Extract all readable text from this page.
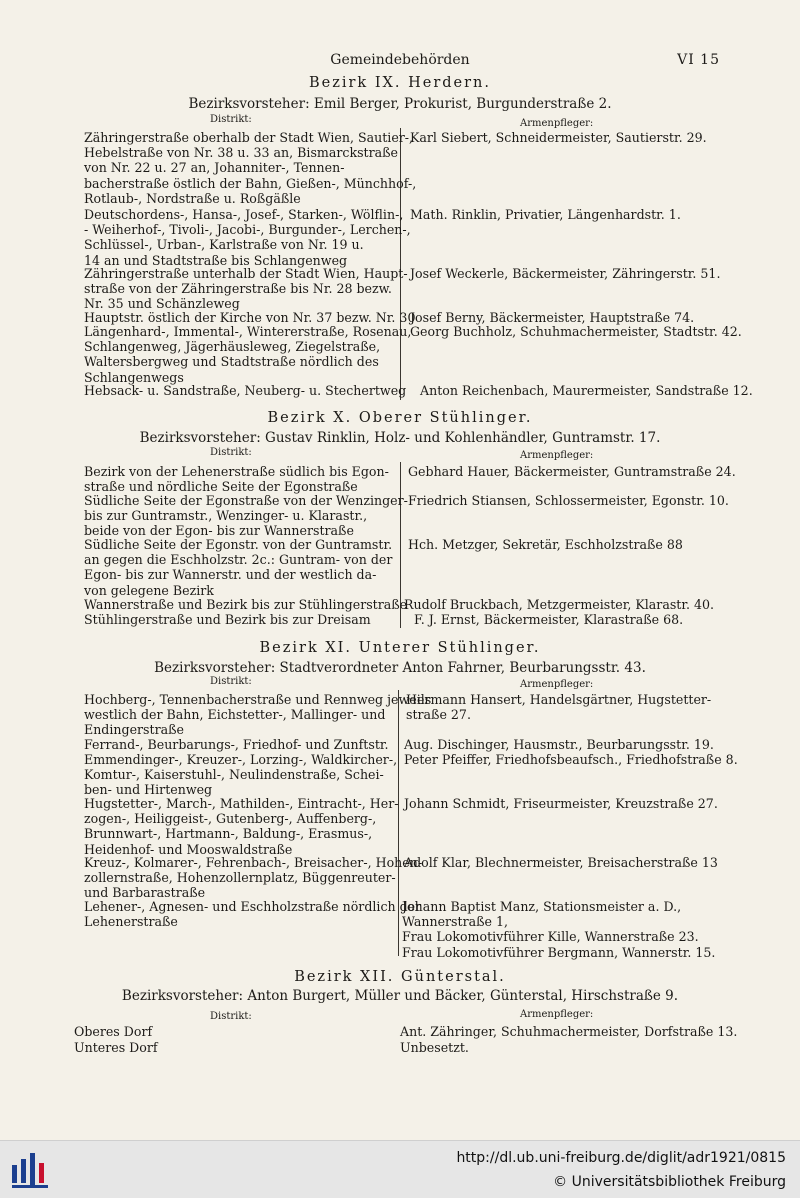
Gemeindebehörden	VI 15
Bezirk IX. Herdern.
Bezirksvorsteher: Emil Berger, Prokurist, Burgunderstraße 2.
Distrikt:	Armenpfleger:
Zähringerstraße oberhalb der Stadt Wien, Sautier-,
Hebelstraße von Nr. 38 u. 33 an, Bismarckstraße
von Nr. 22 u. 27 an, Johanniter-, Tennen-
bacherstraße östlich der Bahn, Gießen-, Münchhof-,
Rotlaub-, Nordstraße u. Roßgäßle
Karl Siebert, Schneidermeister, Sautierstr. 29.
Deutschordens-, Hansa-, Josef-, Starken-, Wölflin-,
- Weiherhof-, Tivoli-, Jacobi-, Burgunder-, Lerchen-,
Schlüssel-, Urban-, Karlstraße von Nr. 19 u.
14 an und Stadtstraße bis Schlangenweg
Math. Rinklin, Privatier, Längenhardstr. 1.
Zähringerstraße unterhalb der Stadt Wien, Haupt-
straße von der Zähringerstraße bis Nr. 28 bezw.
Nr. 35 und Schänzleweg
Josef Weckerle, Bäckermeister, Zähringerstr. 51.
Hauptstr. östlich der Kirche von Nr. 37 bezw. Nr. 30
Josef Berny, Bäckermeister, Hauptstraße 74.
Längenhard-, Immental-, Wintererstraße, Rosenau,
Schlangenweg, Jägerhäusleweg, Ziegelstraße,
Waltersbergweg und Stadtstraße nördlich des
Schlangenwegs
Georg Buchholz, Schuhmachermeister, Stadtstr. 42.
Hebsack- u. Sandstraße, Neuberg- u. Stechertweg Anton Reichenbach, Maurermeister, Sandstraße 12.
Bezirk X. Oberer Stühlinger.
Bezirksvorsteher: Gustav Rinklin, Holz- und Kohlenhändler, Guntramstr. 17.
Distrikt:	Armenpfleger:
Bezirk von der Lehenerstraße südlich bis Egon-
straße und nördliche Seite der Egonstraße
Gebhard Hauer, Bäckermeister, Guntramstraße 24.
Südliche Seite der Egonstraße von der Wenzinger-
bis zur Guntramstr., Wenzinger- u. Klarastr.,
beide von der Egon- bis zur Wannerstraße
Friedrich Stiansen, Schlossermeister, Egonstr. 10.
Südliche Seite der Egonstr. von der Guntramstr.
an gegen die Eschholzstr. 2c.: Guntram- von der
Egon- bis zur Wannerstr. und der westlich da-
von gelegene Bezirk
Hch. Metzger, Sekretär, Eschholzstraße 88
Wannerstraße und Bezirk bis zur Stühlingerstraße
Rudolf Bruckbach, Metzgermeister, Klarastr. 40.
Stühlingerstraße und Bezirk bis zur Dreisam	F. J. Ernst, Bäckermeister, Klarastraße 68.
Bezirk XI. Unterer Stühlinger.
Bezirksvorsteher: Stadtverordneter Anton Fahrner, Beurbarungsstr. 43.
Distrikt:	Armenpfleger:
Hochberg-, Tennenbacherstraße und Rennweg jeweils
westlich der Bahn, Eichstetter-, Mallinger- und
Endingerstraße
Hermann Hansert, Handelsgärtner, Hugstetter-
straße 27.
Ferrand-, Beurbarungs-, Friedhof- und Zunftstr. Aug. Dischinger, Hausmstr., Beurbarungsstr. 19.
Emmendinger-, Kreuzer-, Lorzing-, Waldkircher-,
Komtur-, Kaiserstuhl-, Neulindenstraße, Schei-
ben- und Hirtenweg
Peter Pfeiffer, Friedhofsbeaufsch., Friedhofstraße 8.
Hugstetter-, March-, Mathilden-, Eintracht-, Her-
zogen-, Heiliggeist-, Gutenberg-, Auffenberg-,
Brunnwart-, Hartmann-, Baldung-, Erasmus-,
Heidenhof- und Mooswaldstraße
Johann Schmidt, Friseurmeister, Kreuzstraße 27.
Kreuz-, Kolmarer-, Fehrenbach-, Breisacher-, Hohen-
zollernstraße, Hohenzollernplatz, Büggenreuter-
und Barbarastraße
Adolf Klar, Blechnermeister, Breisacherstraße 13
Lehener-, Agnesen- und Eschholzstraße nördlich der
Lehenerstraße
Johann Baptist Manz, Stationsmeister a. D.,
Wannerstraße 1,
Frau Lokomotivführer Kille, Wannerstraße 23.
Frau Lokomotivführer Bergmann, Wannerstr. 15.
Bezirk XII. Günterstal.
Bezirksvorsteher: Anton Burgert, Müller und Bäcker, Günterstal, Hirschstraße 9.
Distrikt:	Armenpfleger:
Oberes Dorf	Ant. Zähringer, Schuhmachermeister, Dorfstraße 13.
Unteres Dorf	Unbesetzt.
http://dl.ub.uni-freiburg.de/diglit/adr1921/0815
© Universitätsbibliothek Freiburg
